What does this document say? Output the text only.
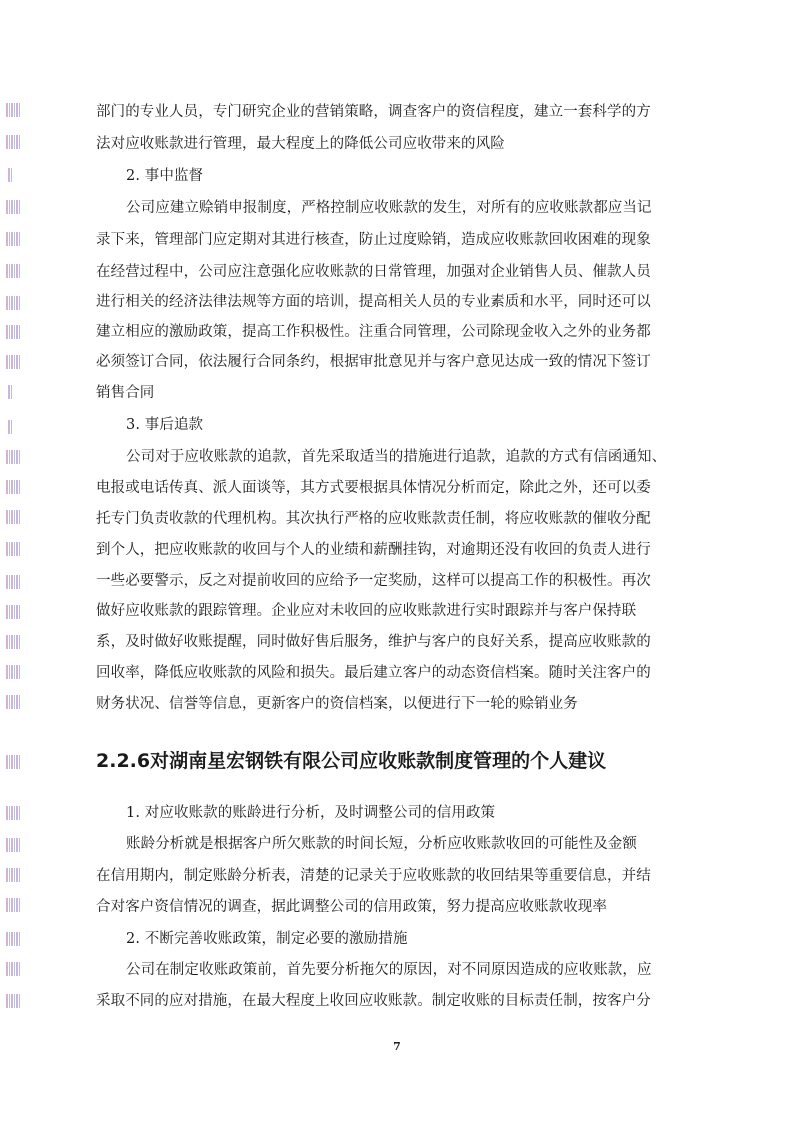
部门的专业人员，专门研究企业的营销策略，调查客户的资信程度，建立一套科学的方
法对应收账款进行管理，最大程度上的降低公司应收带来的风险
2. 事中监督
公司应建立赊销申报制度，严格控制应收账款的发生，对所有的应收账款都应当记
录下来，管理部门应定期对其进行核查，防止过度赊销，造成应收账款回收困难的现象
在经营过程中，公司应注意强化应收账款的日常管理，加强对企业销售人员、催款人员
进行相关的经济法律法规等方面的培训，提高相关人员的专业素质和水平，同时还可以
建立相应的激励政策，提高工作积极性。注重合同管理，公司除现金收入之外的业务都
必须签订合同，依法履行合同条约，根据审批意见并与客户意见达成一致的情况下签订
销售合同
3. 事后追款
公司对于应收账款的追款，首先采取适当的措施进行追款，追款的方式有信函通知、
电报或电话传真、派人面谈等，其方式要根据具体情况分析而定，除此之外，还可以委
托专门负责收款的代理机构。其次执行严格的应收账款责任制，将应收账款的催收分配
到个人，把应收账款的收回与个人的业绩和薪酬挂钩，对逾期还没有收回的负责人进行
一些必要警示，反之对提前收回的应给予一定奖励，这样可以提高工作的积极性。再次
做好应收账款的跟踪管理。企业应对未收回的应收账款进行实时跟踪并与客户保持联
系，及时做好收账提醒，同时做好售后服务，维护与客户的良好关系，提高应收账款的
回收率，降低应收账款的风险和损失。最后建立客户的动态资信档案。随时关注客户的
财务状况、信誉等信息，更新客户的资信档案，以便进行下一轮的赊销业务
2.2.6对湖南星宏钢铁有限公司应收账款制度管理的个人建议
1. 对应收账款的账龄进行分析，及时调整公司的信用政策
账龄分析就是根据客户所欠账款的时间长短，分析应收账款收回的可能性及金额
在信用期内，制定账龄分析表，清楚的记录关于应收账款的收回结果等重要信息，并结
合对客户资信情况的调查，据此调整公司的信用政策，努力提高应收账款收现率
2. 不断完善收账政策，制定必要的激励措施
公司在制定收账政策前，首先要分析拖欠的原因，对不同原因造成的应收账款，应
采取不同的应对措施，在最大程度上收回应收账款。制定收账的目标责任制，按客户分
7
